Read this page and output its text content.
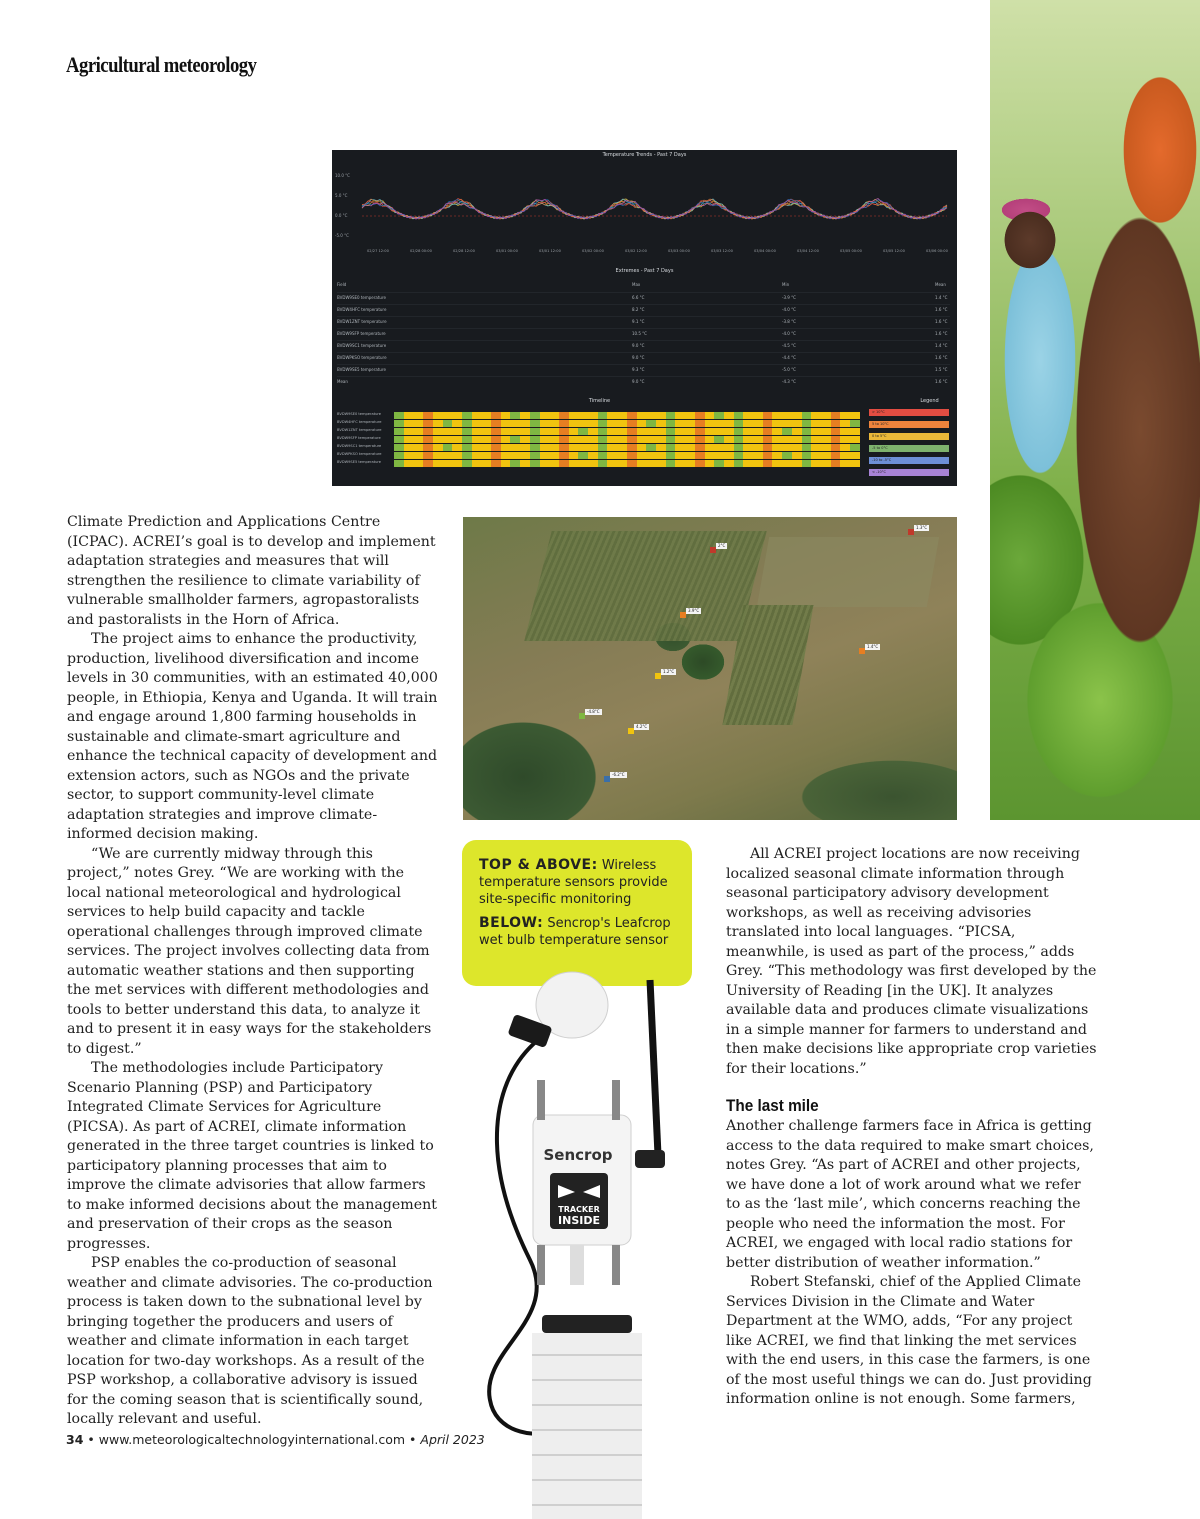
Agricultural meteorology
Temperature Trends - Past 7 Days
10.0 °C
5.0 °C
0.0 °C
-5.0 °C
02/27 12:00	02/28 00:00	02/28 12:00	03/01 00:00	03/01 12:00	03/02 00:00	03/02 12:00	03/03 00:00	03/03 12:00	03/04 00:00	03/04 12:00	03/05 00:00	03/05 12:00	03/06 00:00
Extremes - Past 7 Days
Field	Max	Min	Mean
BVDW9SE0 temperature	6.6 °C	-3.9 °C	1.4 °C
BVDW4HFC temperature	8.2 °C	-4.0 °C	1.6 °C
BVDW1ZNT temperature	9.1 °C	-3.8 °C	1.6 °C
BVDW9SFP temperature	10.5 °C	-4.0 °C	1.6 °C
BVDW9SC1 temperature	9.0 °C	-4.5 °C	1.4 °C
BVDWPKSO temperature	9.0 °C	-4.4 °C	1.6 °C
BVDW9SE5 temperature	9.3 °C	-5.0 °C	1.5 °C
Mean	9.0 °C	-4.3 °C	1.6 °C
Timeline	Legend
BVDW9SE0 temperature
BVDW4HFC temperature
BVDW1ZNT temperature
BVDW9SFP temperature
BVDW9SC1 temperature
BVDWPKSO temperature
BVDW9SE5 temperature
> 10°C
5 to 10°C
0 to 5°C
-5 to 0°C
-10 to -5°C
< -10°C
1.3°C
2°C
3.9°C
1.4°C
1.2°C
-4.8°C
4.2°C
-6.2°C

TOP & ABOVE: Wireless temperature sensors provide site-specific monitoring

BELOW: Sencrop's Leafcrop wet bulb temperature sensor

Sencrop
TRACKER
INSIDE

Climate Prediction and Applications Centre (ICPAC). ACREI’s goal is to develop and implement adaptation strategies and measures that will strengthen the resilience to climate variability of vulnerable smallholder farmers, agropastoralists and pastoralists in the Horn of Africa.

The project aims to enhance the productivity, production, livelihood diversification and income levels in 30 communities, with an estimated 40,000 people, in Ethiopia, Kenya and Uganda. It will train and engage around 1,800 farming households in sustainable and climate-smart agriculture and enhance the technical capacity of development and extension actors, such as NGOs and the private sector, to support community-level climate adaptation strategies and improve climate-informed decision making.

“We are currently midway through this project,” notes Grey. “We are working with the local national meteorological and hydrological services to help build capacity and tackle operational challenges through improved climate services. The project involves collecting data from automatic weather stations and then supporting the met services with different methodologies and tools to better understand this data, to analyze it and to present it in easy ways for the stakeholders to digest.”

The methodologies include Participatory Scenario Planning (PSP) and Participatory Integrated Climate Services for Agriculture (PICSA). As part of ACREI, climate information generated in the three target countries is linked to participatory planning processes that aim to improve the climate advisories that allow farmers to make informed decisions about the management and preservation of their crops as the season progresses.

PSP enables the co-production of seasonal weather and climate advisories. The co-production process is taken down to the subnational level by bringing together the producers and users of weather and climate information in each target location for two-day workshops. As a result of the PSP workshop, a collaborative advisory is issued for the coming season that is scientifically sound, locally relevant and useful.

All ACREI project locations are now receiving localized seasonal climate information through seasonal participatory advisory development workshops, as well as receiving advisories translated into local languages. “PICSA, meanwhile, is used as part of the process,” adds Grey. “This methodology was first developed by the University of Reading [in the UK]. It analyzes available data and produces climate visualizations in a simple manner for farmers to understand and then make decisions like appropriate crop varieties for their locations.”

The last mile

Another challenge farmers face in Africa is getting access to the data required to make smart choices, notes Grey. “As part of ACREI and other projects, we have done a lot of work around what we refer to as the ‘last mile’, which concerns reaching the people who need the information the most. For ACREI, we engaged with local radio stations for better distribution of weather information.”

Robert Stefanski, chief of the Applied Climate Services Division in the Climate and Water Department at the WMO, adds, “For any project like ACREI, we find that linking the met services with the end users, in this case the farmers, is one of the most useful things we can do. Just providing information online is not enough. Some farmers,

34 • www.meteorologicaltechnologyinternational.com • April 2023
